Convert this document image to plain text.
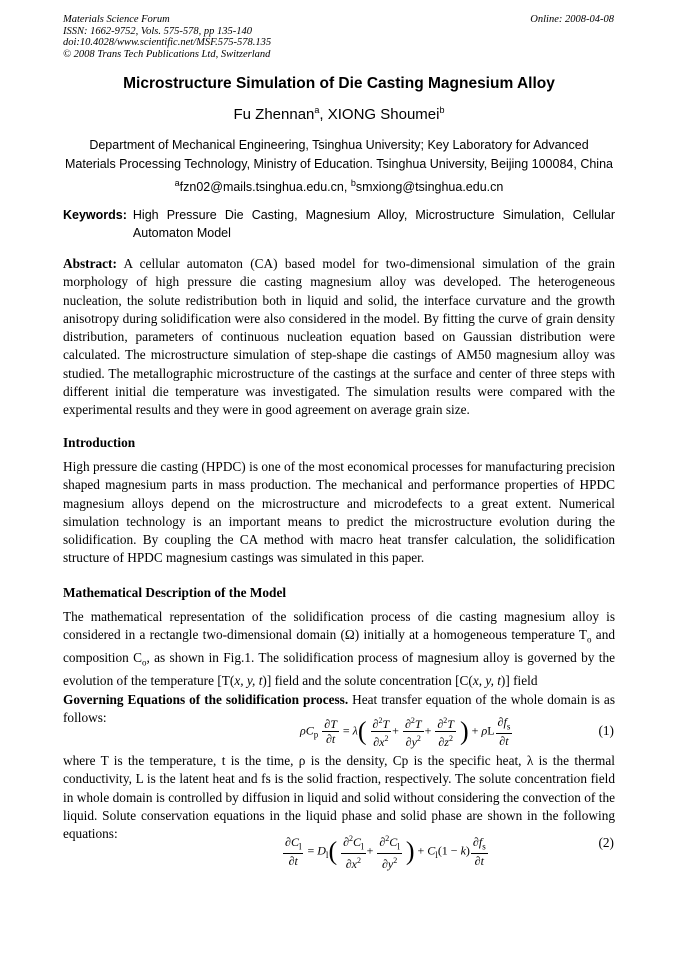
Materials Science Forum
ISSN: 1662-9752, Vols. 575-578, pp 135-140
doi:10.4028/www.scientific.net/MSF.575-578.135
© 2008 Trans Tech Publications Ltd, Switzerland
Online: 2008-04-08
Microstructure Simulation of Die Casting Magnesium Alloy
Fu Zhennan$^a$, XIONG Shoumei$^b$
Department of Mechanical Engineering, Tsinghua University; Key Laboratory for Advanced Materials Processing Technology, Ministry of Education. Tsinghua University, Beijing 100084, China
$^a$fzn02@mails.tsinghua.edu.cn, $^b$smxiong@tsinghua.edu.cn
Keywords: High Pressure Die Casting, Magnesium Alloy, Microstructure Simulation, Cellular Automaton Model
Abstract: A cellular automaton (CA) based model for two-dimensional simulation of the grain morphology of high pressure die casting magnesium alloy was developed. The heterogeneous nucleation, the solute redistribution both in liquid and solid, the interface curvature and the growth anisotropy during solidification were also considered in the model. By fitting the curve of grain density distribution, parameters of continuous nucleation equation based on Gaussian distribution were calculated. The microstructure simulation of step-shape die castings of AM50 magnesium alloy was studied. The metallographic microstructure of the castings at the surface and center of three steps with different initial die temperature was investigated. The simulation results were compared with the experimental results and they were in good agreement on average grain size.
Introduction
High pressure die casting (HPDC) is one of the most economical processes for manufacturing precision shaped magnesium parts in mass production. The mechanical and performance properties of HPDC magnesium alloys depend on the microstructure and microdefects to a great extent. Numerical simulation technology is an important means to predict the microstructure evolution during the solidification. By coupling the CA method with macro heat transfer calculation, the solidification structure of HPDC magnesium castings was simulated in this paper.
Mathematical Description of the Model
The mathematical representation of the solidification process of die casting magnesium alloy is considered in a rectangle two-dimensional domain (Ω) initially at a homogeneous temperature $T_o$ and composition $C_o$, as shown in Fig.1. The solidification process of magnesium alloy is governed by the evolution of the temperature [T(x, y, t)] field and the solute concentration [C(x, y, t)] field
Governing Equations of the solidification process. Heat transfer equation of the whole domain is as follows:
$\rho C_p \frac{\partial T}{\partial t} = \lambda( \frac{\partial^2T}{\partial x^2} + \frac{\partial^2T}{\partial y^2} + \frac{\partial^2T}{\partial z^2}$ ) + ρL $\frac{\partial f_s}{\partial t}$	(1)
where T is the temperature, t is the time, ρ is the density, Cp is the specific heat, λ is the thermal conductivity, L is the latent heat and fs is the solid fraction, respectively. The solute concentration field in whole domain is controlled by diffusion in liquid and solid without considering the convection of the liquid. Solute conservation equations in the liquid phase and solid phase are shown in the following equations:
$\frac{\partial C_l}{\partial t} = D_l( \frac{\partial^2C_l}{\partial x^2} + \frac{\partial^2C_l}{\partial y^2}$ ) + $C_l(1 - k) \frac{\partial f_s}{\partial t}$	(2)
